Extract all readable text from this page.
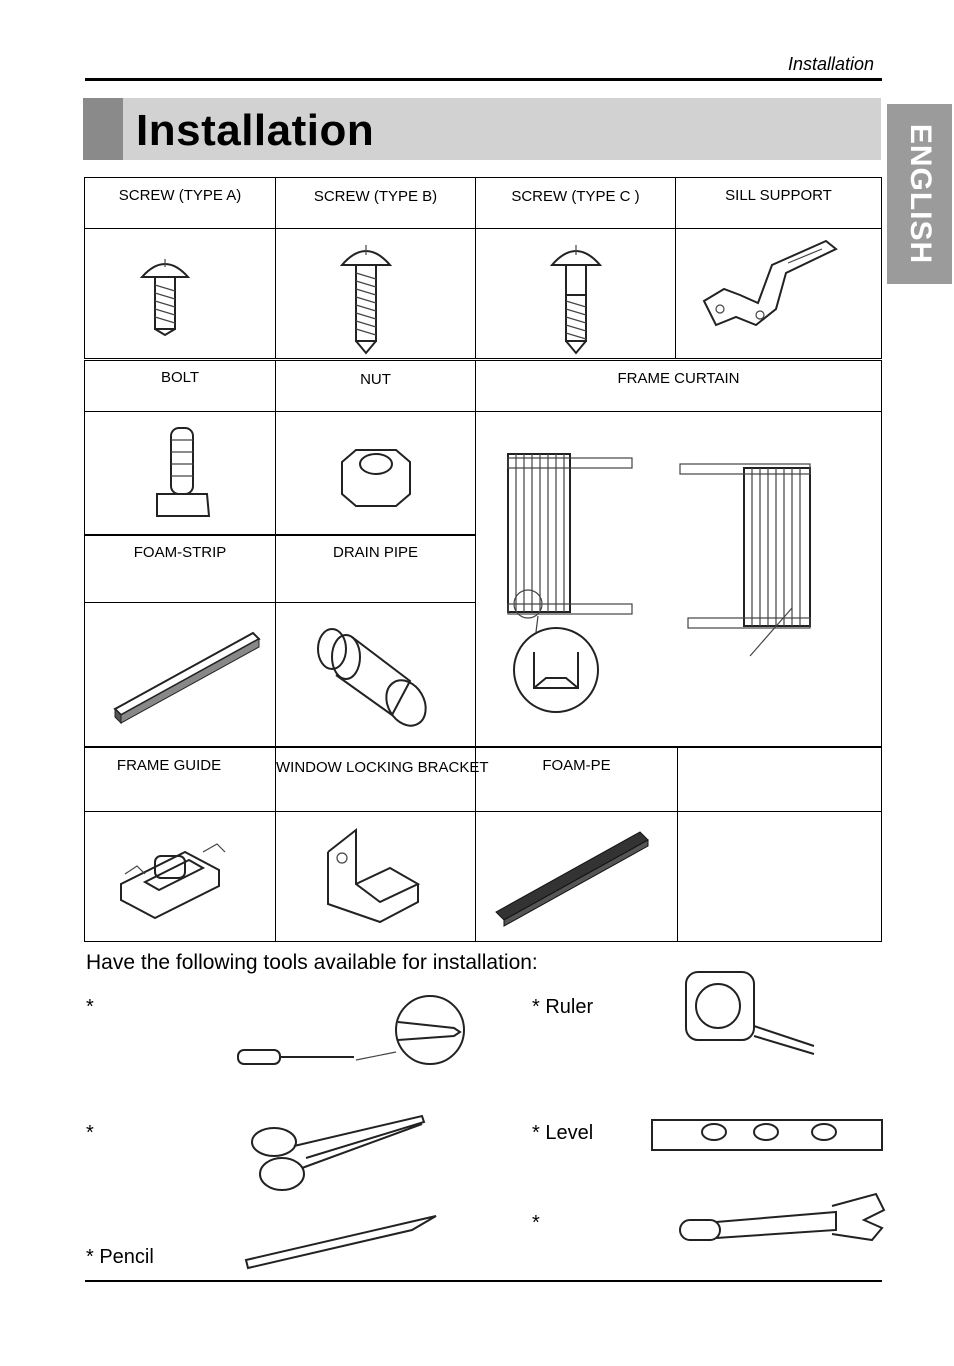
Installation
Installation	ENGLISH
SCREW (TYPE A)	SCREW (TYPE B)	SCREW (TYPE C )	SILL SUPPORT
BOLT	NUT	FRAME CURTAIN
FOAM-STRIP	DRAIN PIPE
FRAME GUIDE	WINDOW LOCKING BRACKET	FOAM-PE
Have the following tools available for installation:
*	* Ruler
*	* Level
* Pencil
*
